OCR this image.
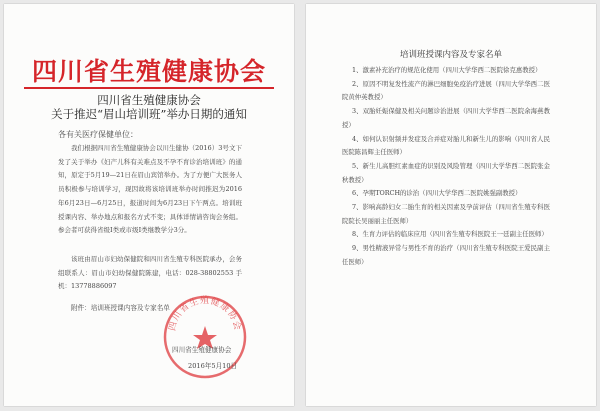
四川省生殖健康协会
四川省生殖健康协会
关于推迟“眉山培训班”举办日期的通知
各有关医疗保健单位：
我们根据四川省生殖健康协会以川生健协（2016）3号文下发了关于举办《妇产儿科有关难点及不孕不育诊治培训班》的通知，原定于5月19—21日在眉山宾馆举办。为了方便广大医务人员积极参与培训学习，现因故将该培训班举办时间推迟为2016年6月23日—6月25日，报道时间为6月23日下午两点。培训班授课内容、举办地点和报名方式不变；具体详情请咨询会务组。参会者可获得省级I类或市级I类继教学分3分。
该班由眉山市妇幼保健院和四川省生殖专科医院承办，会务组联系人：眉山市妇幼保健院陈建，电话：028-38802553 手机：13778886097
附件：培训班授课内容及专家名单
四川省生殖健康协会
四川省生殖健康协会
2016年5月10日
培训班授课内容及专家名单
1、激素补充治疗的规范化使用（四川大学华西二医院徐克惠教授）
2、原因不明复发性流产的淋巴细胞免疫治疗进展（四川大学华西二医院黄仲英教授）
3、双胎妊娠保健及相关问题诊治进展（四川大学华西二医院余海燕教授）
4、如何认识射频并发症及合并症对胎儿和新生儿的影响（四川省人民医院陈昌辉主任医师）
5、新生儿高胆红素血症的识别及风险管理（四川大学华西二医院张金秋教授）
6、孕期TORCH的诊治（四川大学华西二医院姚强副教授）
7、影响高龄妇女二胎生育的相关因素及孕前评估（四川省生殖专科医院院长吴丽丽主任医师）
8、生育力评估的临床应用（四川省生殖专科医院王一廷副主任医师）
9、男性精液异常与男性不育的治疗（四川省生殖专科医院王爱民副主任医师）
